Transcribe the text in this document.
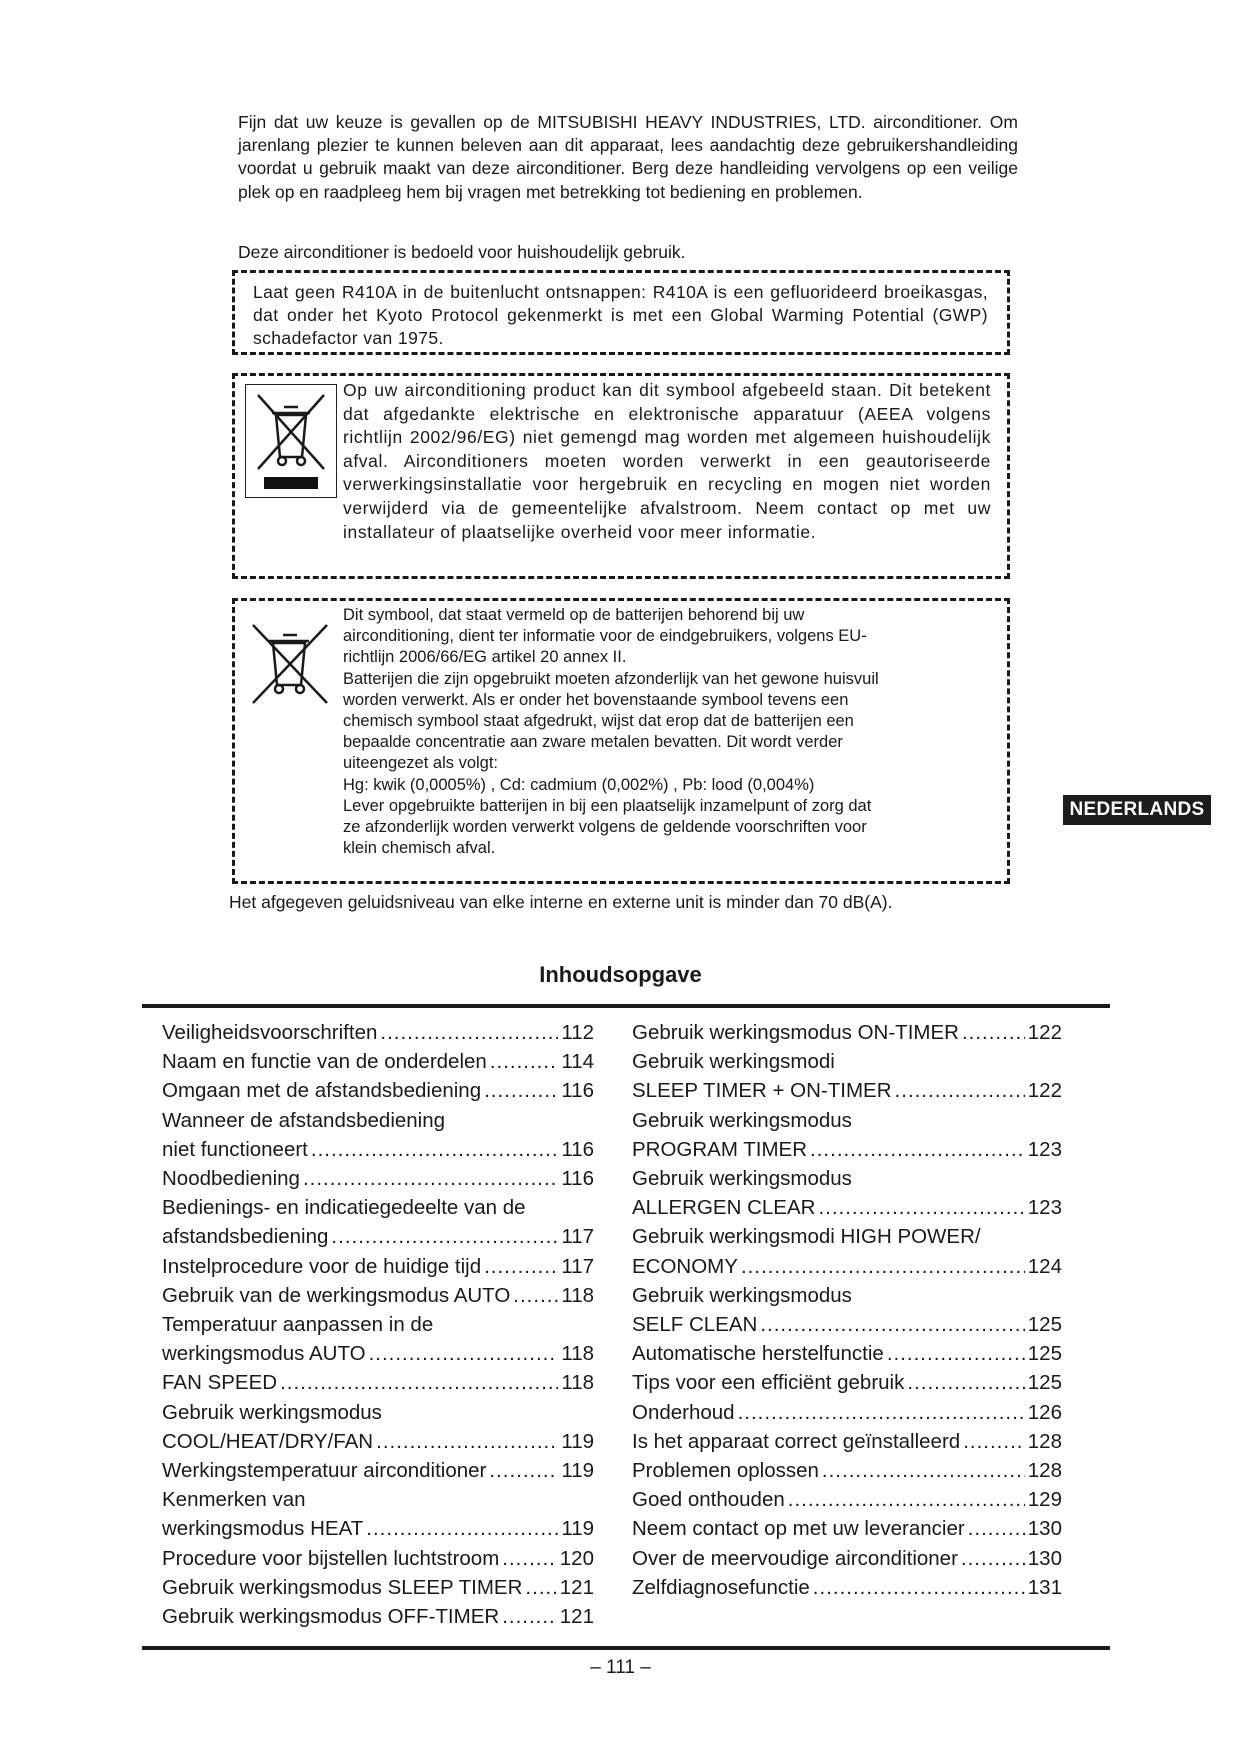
Fijn dat uw keuze is gevallen op de MITSUBISHI HEAVY INDUSTRIES, LTD. airconditioner. Om jarenlang plezier te kunnen beleven aan dit apparaat, lees aandachtig deze gebruikershandleiding voordat u gebruik maakt van deze airconditioner. Berg deze handleiding vervolgens op een veilige plek op en raadpleeg hem bij vragen met betrekking tot bediening en problemen.

Deze airconditioner is bedoeld voor huishoudelijk gebruik.

Laat geen R410A in de buitenlucht ontsnappen: R410A is een gefluorideerd broeikasgas, dat onder het Kyoto Protocol gekenmerkt is met een Global Warming Potential (GWP) schadefactor van 1975.

Op uw airconditioning product kan dit symbool afgebeeld staan. Dit betekent dat afgedankte elektrische en elektronische apparatuur (AEEA volgens richtlijn 2002/96/EG) niet gemengd mag worden met algemeen huishoudelijk afval. Airconditioners moeten worden verwerkt in een geautoriseerde verwerkingsinstallatie voor hergebruik en recycling en mogen niet worden verwijderd via de gemeentelijke afvalstroom. Neem contact op met uw installateur of plaatselijke overheid voor meer informatie.

Dit symbool, dat staat vermeld op de batterijen behorend bij uw
airconditioning, dient ter informatie voor de eindgebruikers, volgens EU-
richtlijn 2006/66/EG artikel 20 annex II.
Batterijen die zijn opgebruikt moeten afzonderlijk van het gewone huisvuil
worden verwerkt. Als er onder het bovenstaande symbool tevens een
chemisch symbool staat afgedrukt, wijst dat erop dat de batterijen een
bepaalde concentratie aan zware metalen bevatten. Dit wordt verder
uiteengezet als volgt:
Hg: kwik (0,0005%) , Cd: cadmium (0,002%) , Pb: lood (0,004%)
Lever opgebruikte batterijen in bij een plaatselijk inzamelpunt of zorg dat
ze afzonderlijk worden verwerkt volgens de geldende voorschriften voor
klein chemisch afval.

Het afgegeven geluidsniveau van elke interne en externe unit is minder dan 70 dB(A).

NEDERLANDS
Inhoudsopgave
Veiligheidsvoorschriften .....	112
Naam en functie van de onderdelen .....	114
Omgaan met de afstandsbediening .....	116
Wanneer de afstandsbediening
niet functioneert .....	116
Noodbediening .....	116
Bedienings- en indicatiegedeelte van de
afstandsbediening .....	117
Instelprocedure voor de huidige tijd .....	117
Gebruik van de werkingsmodus AUTO ..... 118
Temperatuur aanpassen in de
werkingsmodus AUTO .....	118
FAN SPEED .....	118
Gebruik werkingsmodus
COOL/HEAT/DRY/FAN .....	119
Werkingstemperatuur airconditioner .....	119
Kenmerken van
werkingsmodus HEAT .....	119
Procedure voor bijstellen luchtstroom .....	120
Gebruik werkingsmodus SLEEP TIMER ..... 121
Gebruik werkingsmodus OFF-TIMER .....	121
Gebruik werkingsmodus ON-TIMER .....	122
Gebruik werkingsmodi
SLEEP TIMER + ON-TIMER .....	122
Gebruik werkingsmodus
PROGRAM TIMER .....	123
Gebruik werkingsmodus
ALLERGEN CLEAR .....	123
Gebruik werkingsmodi HIGH POWER/
ECONOMY .....	124
Gebruik werkingsmodus
SELF CLEAN .....	125
Automatische herstelfunctie .....	125
Tips voor een efficiënt gebruik .....	125
Onderhoud .....	126
Is het apparaat correct geïnstalleerd .....	128
Problemen oplossen .....	128
Goed onthouden .....	129
Neem contact op met uw leverancier .....	130
Over de meervoudige airconditioner .....	130
Zelfdiagnosefunctie .....	131
– 111 –
